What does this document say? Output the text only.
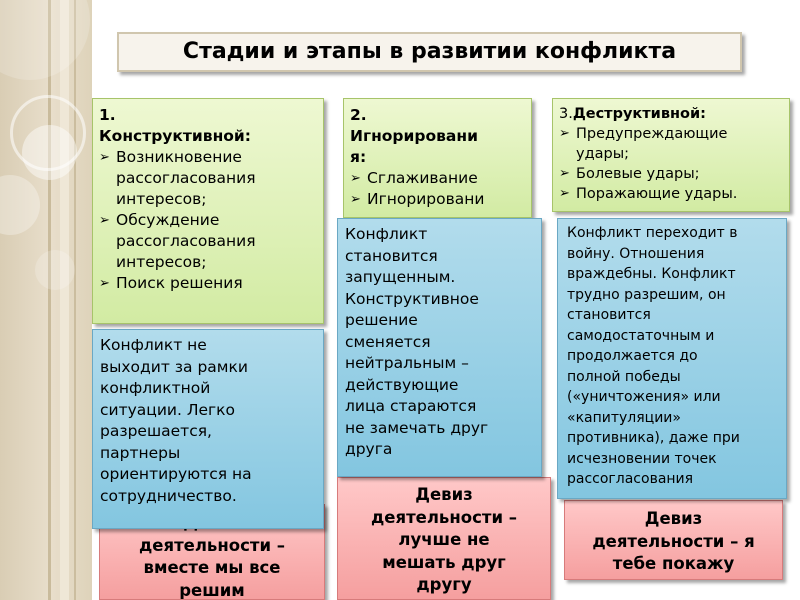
Стадии и этапы в развитии конфликта
деятельности –
вместе мы все
решим
1.
Конструктивной:
➢ Возникновение
рассогласования
интересов;
➢ Обсуждение
рассогласования
интересов;
➢ Поиск решения
Конфликт не
выходит за рамки
конфликтной
ситуации. Легко
разрешается,
партнеры
ориентируются на
сотрудничество.
2.
Игнорировани
я:
➢ Сглаживание
➢ Игнорировани
Девиз
деятельности –
лучше не
мешать друг
другу
Конфликт
становится
запущенным.
Конструктивное
решение
сменяется
нейтральным –
действующие
лица стараются
не замечать друг
друга
3.Деструктивной:
➢ Предупреждающие
удары;
➢ Болевые удары;
➢ Поражающие удары.
Девиз
деятельности – я
тебе покажу
Конфликт переходит в
войну. Отношения
враждебны. Конфликт
трудно разрешим, он
становится
самодостаточным и
продолжается до
полной победы
(«уничтожения» или
«капитуляции»
противника), даже при
исчезновении точек
рассогласования
